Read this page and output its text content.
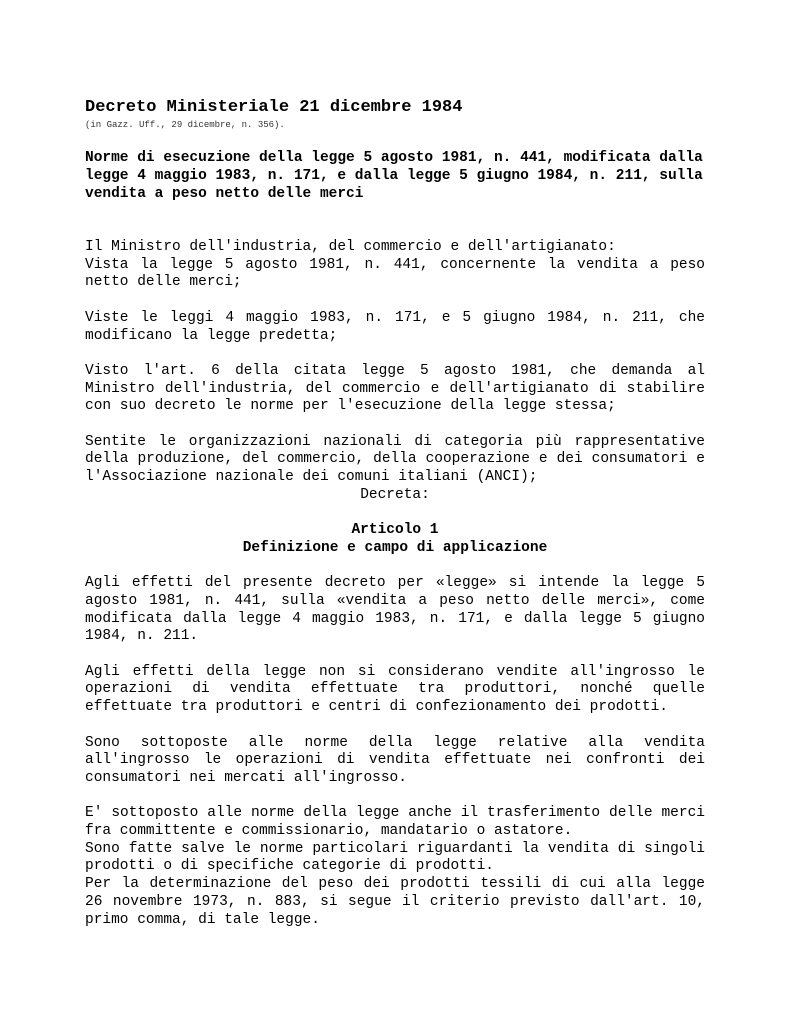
Decreto Ministeriale 21 dicembre 1984
(in Gazz. Uff., 29 dicembre, n. 356).
Norme di esecuzione della legge 5 agosto 1981, n. 441, modificata dalla legge 4 maggio 1983, n. 171, e dalla legge 5 giugno 1984, n. 211, sulla vendita a peso netto delle merci

Il Ministro dell'industria, del commercio e dell'artigianato:

Vista la legge 5 agosto 1981, n. 441, concernente la vendita a peso netto delle merci;

Viste le leggi 4 maggio 1983, n. 171, e 5 giugno 1984, n. 211, che modificano la legge predetta;

Visto l'art. 6 della citata legge 5 agosto 1981, che demanda al Ministro dell'industria, del commercio e dell'artigianato di stabilire con suo decreto le norme per l'esecuzione della legge stessa;

Sentite le organizzazioni nazionali di categoria più rappresentative della produzione, del commercio, della cooperazione e dei consumatori e l'Associazione nazionale dei comuni italiani (ANCI);

Decreta:

Articolo 1
Definizione e campo di applicazione

Agli effetti del presente decreto per «legge» si intende la legge 5 agosto 1981, n. 441, sulla «vendita a peso netto delle merci», come modificata dalla legge 4 maggio 1983, n. 171, e dalla legge 5 giugno 1984, n. 211.

Agli effetti della legge non si considerano vendite all'ingrosso le operazioni di vendita effettuate tra produttori, nonché quelle effettuate tra produttori e centri di confezionamento dei prodotti.

Sono sottoposte alle norme della legge relative alla vendita all'ingrosso le operazioni di vendita effettuate nei confronti dei consumatori nei mercati all'ingrosso.

E' sottoposto alle norme della legge anche il trasferimento delle merci fra committente e commissionario, mandatario o astatore.

Sono fatte salve le norme particolari riguardanti la vendita di singoli prodotti o di specifiche categorie di prodotti.

Per la determinazione del peso dei prodotti tessili di cui alla legge 26 novembre 1973, n. 883, si segue il criterio previsto dall'art. 10, primo comma, di tale legge.
